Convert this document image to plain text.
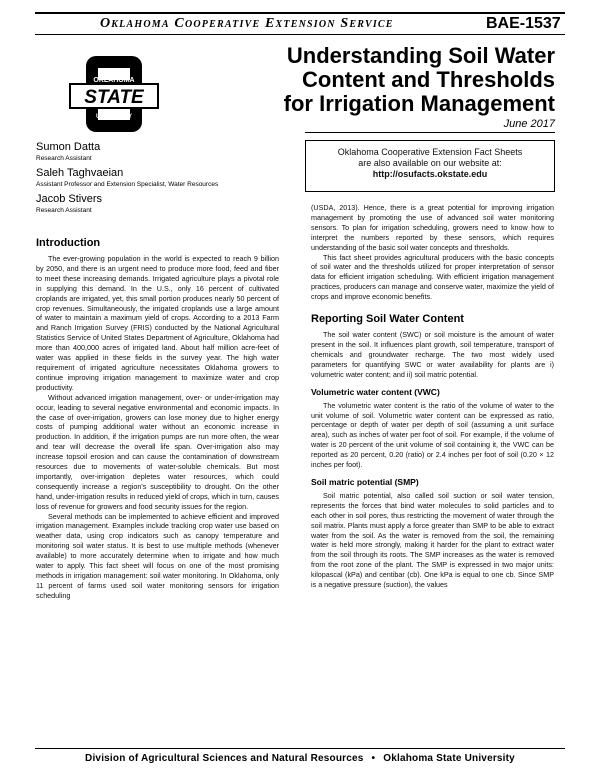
Oklahoma Cooperative Extension Service	BAE-1537
OKLAHOMA
STATE
UNIVERSITY
Understanding Soil Water
Content and Thresholds
for Irrigation Management
June 2017
Sumon Datta
Research Assistant
Saleh Taghvaeian
Assistant Professor and Extension Specialist, Water Resources
Jacob Stivers
Research Assistant
Oklahoma Cooperative Extension Fact Sheets
are also available on our website at:
http://osufacts.okstate.edu
Introduction

The ever-growing population in the world is expected to reach 9 billion by 2050, and there is an urgent need to produce more food, feed and fiber to meet these increasing demands. Irrigated agriculture plays a pivotal role in supplying this demand. In the U.S., only 16 percent of cultivated croplands are irrigated, yet, this small portion produces nearly 50 percent of crop revenues. Simultaneously, the irrigated croplands use a large amount of water to maintain a maximum yield of crops. According to a 2013 Farm and Ranch Irrigation Survey (FRIS) conducted by the National Agricultural Statistics Service of United States Department of Agriculture, Oklahoma had more than 400,000 acres of irrigated land. About half million acre-feet of water was applied in these fields in the survey year. The high water requirement of irrigated agriculture necessitates Oklahoma growers to continue improving irrigation management to maximize water and crop productivity.

Without advanced irrigation management, over- or under-irrigation may occur, leading to several negative environmental and economic impacts. In the case of over-irrigation, growers can lose money due to higher energy costs of pumping additional water without an economic increase in production. In addition, if the irrigation pumps are run more often, the wear and tear will decrease the overall life span. Over-irrigation also may increase topsoil erosion and can cause the contamination of downstream resources due to movements of water-soluble chemicals. But most importantly, over-irrigation depletes water resources, which could consequently increase a region's susceptibility to drought. On the other hand, under-irrigation results in reduced yield of crops, which in turn, causes loss of revenue for growers and food security issues for the region.

Several methods can be implemented to achieve efficient and improved irrigation management. Examples include tracking crop water use based on weather data, using crop indicators such as canopy temperature and monitoring soil water status. It is best to use multiple methods (whenever available) to more accurately determine when to irrigate and how much water to apply. This fact sheet will focus on one of the most promising methods in irrigation management: soil water monitoring. In Oklahoma, only 11 percent of farms used soil water monitoring sensors for irrigation scheduling

(USDA, 2013). Hence, there is a great potential for improving irrigation management by promoting the use of advanced soil water monitoring sensors. To plan for irrigation scheduling, growers need to know how to interpret the numbers reported by these sensors, which requires understanding of the basic soil water concepts and thresholds.

This fact sheet provides agricultural producers with the basic concepts of soil water and the thresholds utilized for proper interpretation of sensor data for efficient irrigation scheduling. With efficient irrigation management practices, producers can manage and conserve water, maximize the yield of crops and improve economic benefits.

Reporting Soil Water Content

The soil water content (SWC) or soil moisture is the amount of water present in the soil. It influences plant growth, soil temperature, transport of chemicals and groundwater recharge. The two most widely used parameters for quantifying SWC or water availability for plants are i) volumetric water content; and ii) soil matric potential.

Volumetric water content (VWC)

The volumetric water content is the ratio of the volume of water to the unit volume of soil. Volumetric water content can be expressed as ratio, percentage or depth of water per depth of soil (assuming a unit surface area), such as inches of water per foot of soil. For example, if the volume of water is 20 percent of the unit volume of soil containing it, the VWC can be reported as 20 percent, 0.20 (ratio) or 2.4 inches per foot of soil (0.20 × 12 inches per foot).

Soil matric potential (SMP)

Soil matric potential, also called soil suction or soil water tension, represents the forces that bind water molecules to solid particles and to each other in soil pores, thus restricting the movement of water through the soil matrix. Plants must apply a force greater than SMP to be able to extract water from the soil. As the water is removed from the soil, the remaining water is held more strongly, making it harder for the plant to extract water from the soil through its roots. The SMP increases as the water is removed from the root zone of the plant. The SMP is expressed in two major units: kilopascal (kPa) and centibar (cb). One kPa is equal to one cb. Since SMP is a negative pressure (suction), the values

Division of Agricultural Sciences and Natural Resources • Oklahoma State University
